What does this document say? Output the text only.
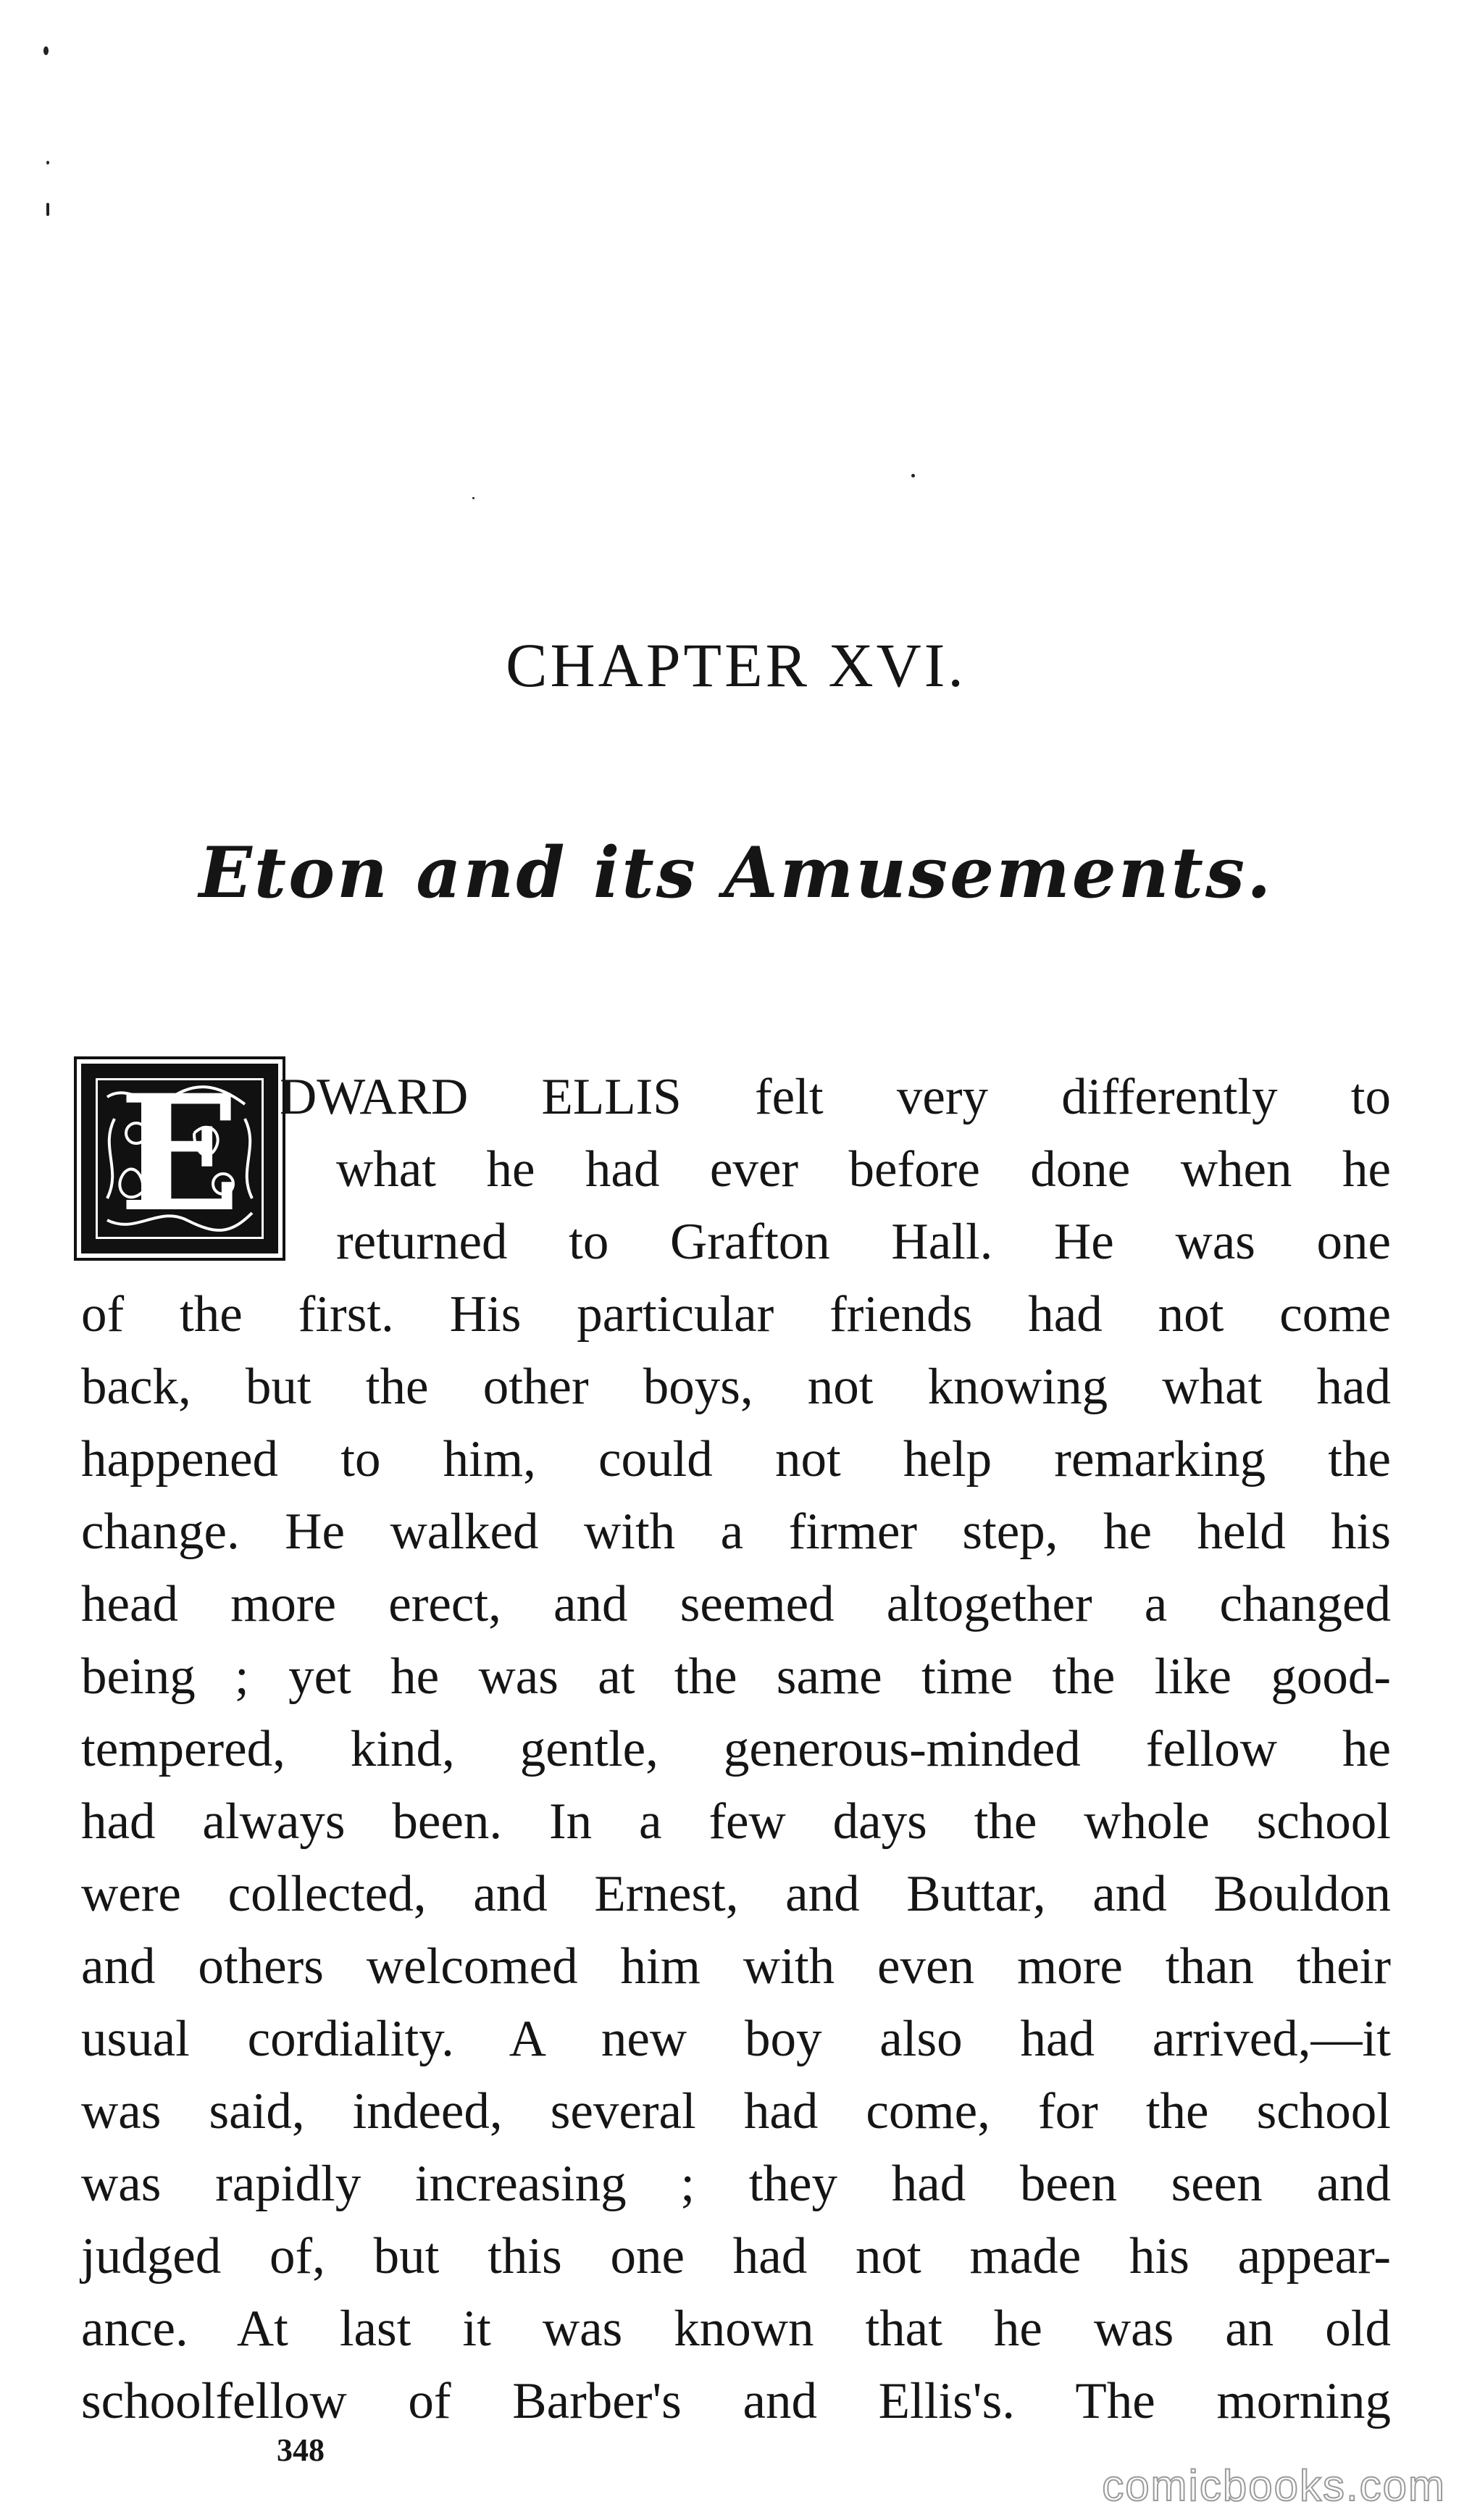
CHAPTER XVI.
Eton and its Amusements.
E DWARD ELLIS felt very differently to
what he had ever before done when he
returned to Grafton Hall. He was one
of the first. His particular friends had not come
back, but the other boys, not knowing what had
happened to him, could not help remarking the
change. He walked with a firmer step, he held his
head more erect, and seemed altogether a changed
being ; yet he was at the same time the like good-
tempered, kind, gentle, generous-minded fellow he
had always been. In a few days the whole school
were collected, and Ernest, and Buttar, and Bouldon
and others welcomed him with even more than their
usual cordiality. A new boy also had arrived,—it
was said, indeed, several had come, for the school
was rapidly increasing ; they had been seen and
judged of, but this one had not made his appear-
ance. At last it was known that he was an old
schoolfellow of Barber's and Ellis's. The morning
348
comicbooks.com
